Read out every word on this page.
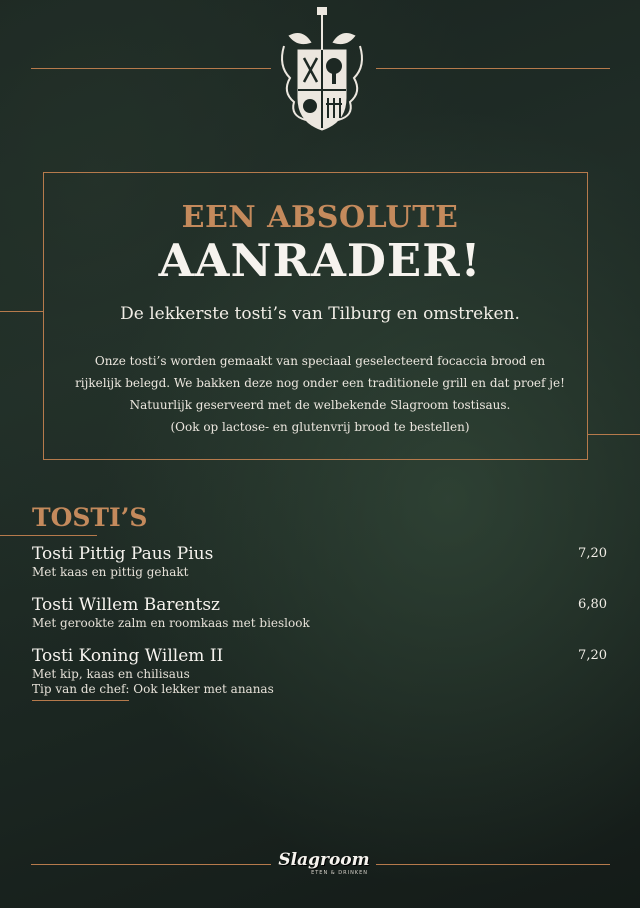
EEN ABSOLUTE
AANRADER!
De lekkerste tosti’s van Tilburg en omstreken.
Onze tosti’s worden gemaakt van speciaal geselecteerd focaccia brood en
rijkelijk belegd. We bakken deze nog onder een traditionele grill en dat proef je!
Natuurlijk geserveerd met de welbekende Slagroom tostisaus.
(Ook op lactose- en glutenvrij brood te bestellen)
TOSTI’S
Tosti Pittig Paus Pius
Met kaas en pittig gehakt
7,20
Tosti Willem Barentsz
Met gerookte zalm en roomkaas met bieslook
6,80
Tosti Koning Willem II
Met kip, kaas en chilisaus
Tip van de chef: Ook lekker met ananas
7,20
Slagroom
ETEN & DRINKEN
